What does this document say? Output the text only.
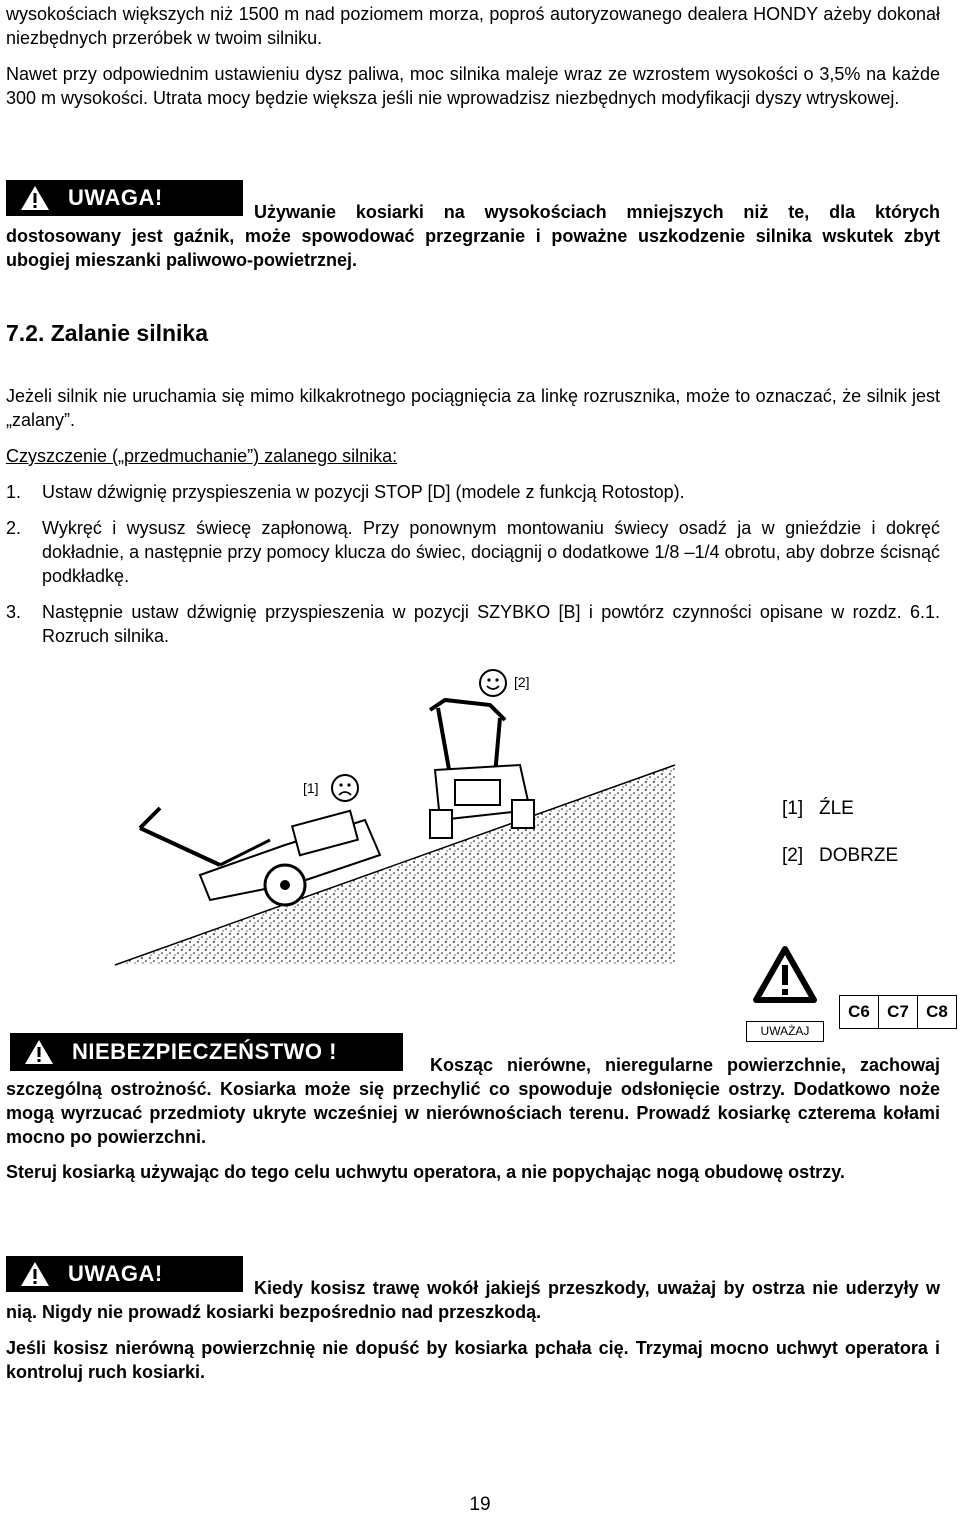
wysokościach większych niż 1500 m nad poziomem morza, poproś autoryzowanego dealera HONDY ażeby dokonał niezbędnych przeróbek w twoim silniku.

Nawet przy odpowiednim ustawieniu dysz paliwa, moc silnika maleje wraz ze wzrostem wysokości o 3,5% na każde 300 m wysokości. Utrata mocy będzie większa jeśli nie wprowadzisz niezbędnych modyfikacji dyszy wtryskowej.

UWAGA!

Używanie kosiarki na wysokościach mniejszych niż te, dla których dostosowany jest gaźnik, może spowodować przegrzanie i poważne uszkodzenie silnika wskutek zbyt ubogiej mieszanki paliwowo-powietrznej.

7.2. Zalanie silnika

Jeżeli silnik nie uruchamia się mimo kilkakrotnego pociągnięcia za linkę rozrusznika, może to oznaczać, że silnik jest „zalany”.

Czyszczenie („przedmuchanie”) zalanego silnika:

1. Ustaw dźwignię przyspieszenia w pozycji STOP [D] (modele z funkcją Rotostop).
2. Wykręć i wysusz świecę zapłonową. Przy ponownym montowaniu świecy osadź ja w gnieździe i dokręć dokładnie, a następnie przy pomocy klucza do świec, dociągnij o dodatkowe 1/8 –1/4 obrotu, aby dobrze ścisnąć podkładkę.
3. Następnie ustaw dźwignię przyspieszenia w pozycji SZYBKO [B] i powtórz czynności opisane w rozdz. 6.1. Rozruch silnika.
[1]
[2]
[1] ŹLE
[2] DOBRZE
UWAŻAJ
C6	C7	C8
NIEBEZPIECZEŃSTWO !

Kosząc nierówne, nieregularne powierzchnie, zachowaj szczególną ostrożność. Kosiarka może się przechylić co spowoduje odsłonięcie ostrzy. Dodatkowo noże mogą wyrzucać przedmioty ukryte wcześniej w nierównościach terenu. Prowadź kosiarkę czterema kołami mocno po powierzchni.

Steruj kosiarką używając do tego celu uchwytu operatora, a nie popychając nogą obudowę ostrzy.

UWAGA!

Kiedy kosisz trawę wokół jakiejś przeszkody, uważaj by ostrza nie uderzyły w nią. Nigdy nie prowadź kosiarki bezpośrednio nad przeszkodą.

Jeśli kosisz nierówną powierzchnię nie dopuść by kosiarka pchała cię. Trzymaj mocno uchwyt operatora i kontroluj ruch kosiarki.

19
